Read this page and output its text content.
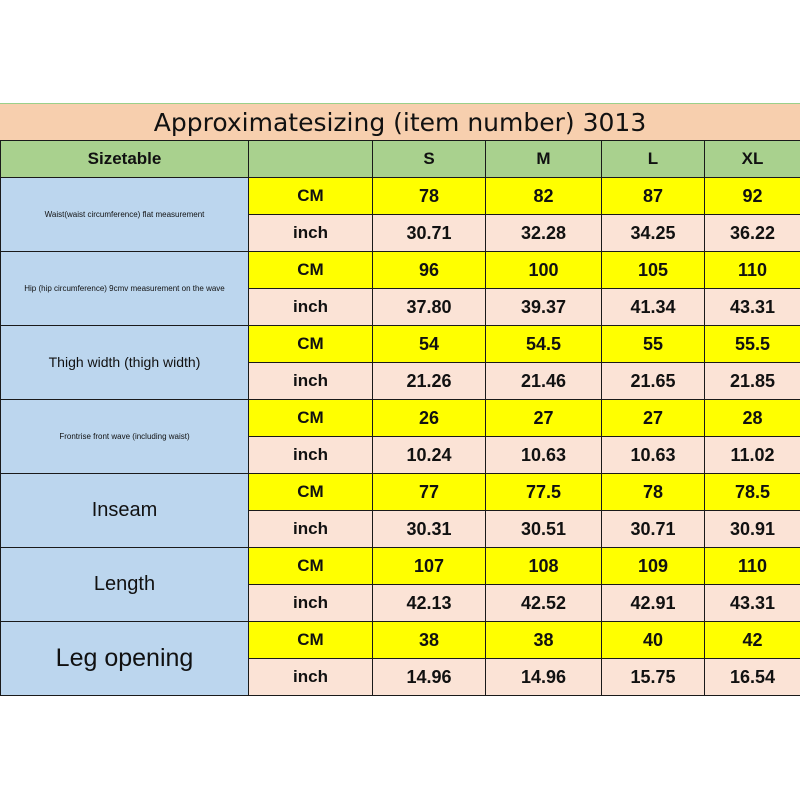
Approximatesizing (item number) 3013
Sizetable		S	M	L	XL
Waist(waist circumference) flat measurement	CM	78	82	87	92
	inch	30.71	32.28	34.25	36.22
Hip (hip circumference) 9cmv measurement on the wave	CM	96	100	105	110
	inch	37.80	39.37	41.34	43.31
Thigh width (thigh width)	CM	54	54.5	55	55.5
	inch	21.26	21.46	21.65	21.85
Frontrise front wave (including waist)	CM	26	27	27	28
	inch	10.24	10.63	10.63	11.02
Inseam	CM	77	77.5	78	78.5
	inch	30.31	30.51	30.71	30.91
Length	CM	107	108	109	110
	inch	42.13	42.52	42.91	43.31
Leg opening	CM	38	38	40	42
	inch	14.96	14.96	15.75	16.54
